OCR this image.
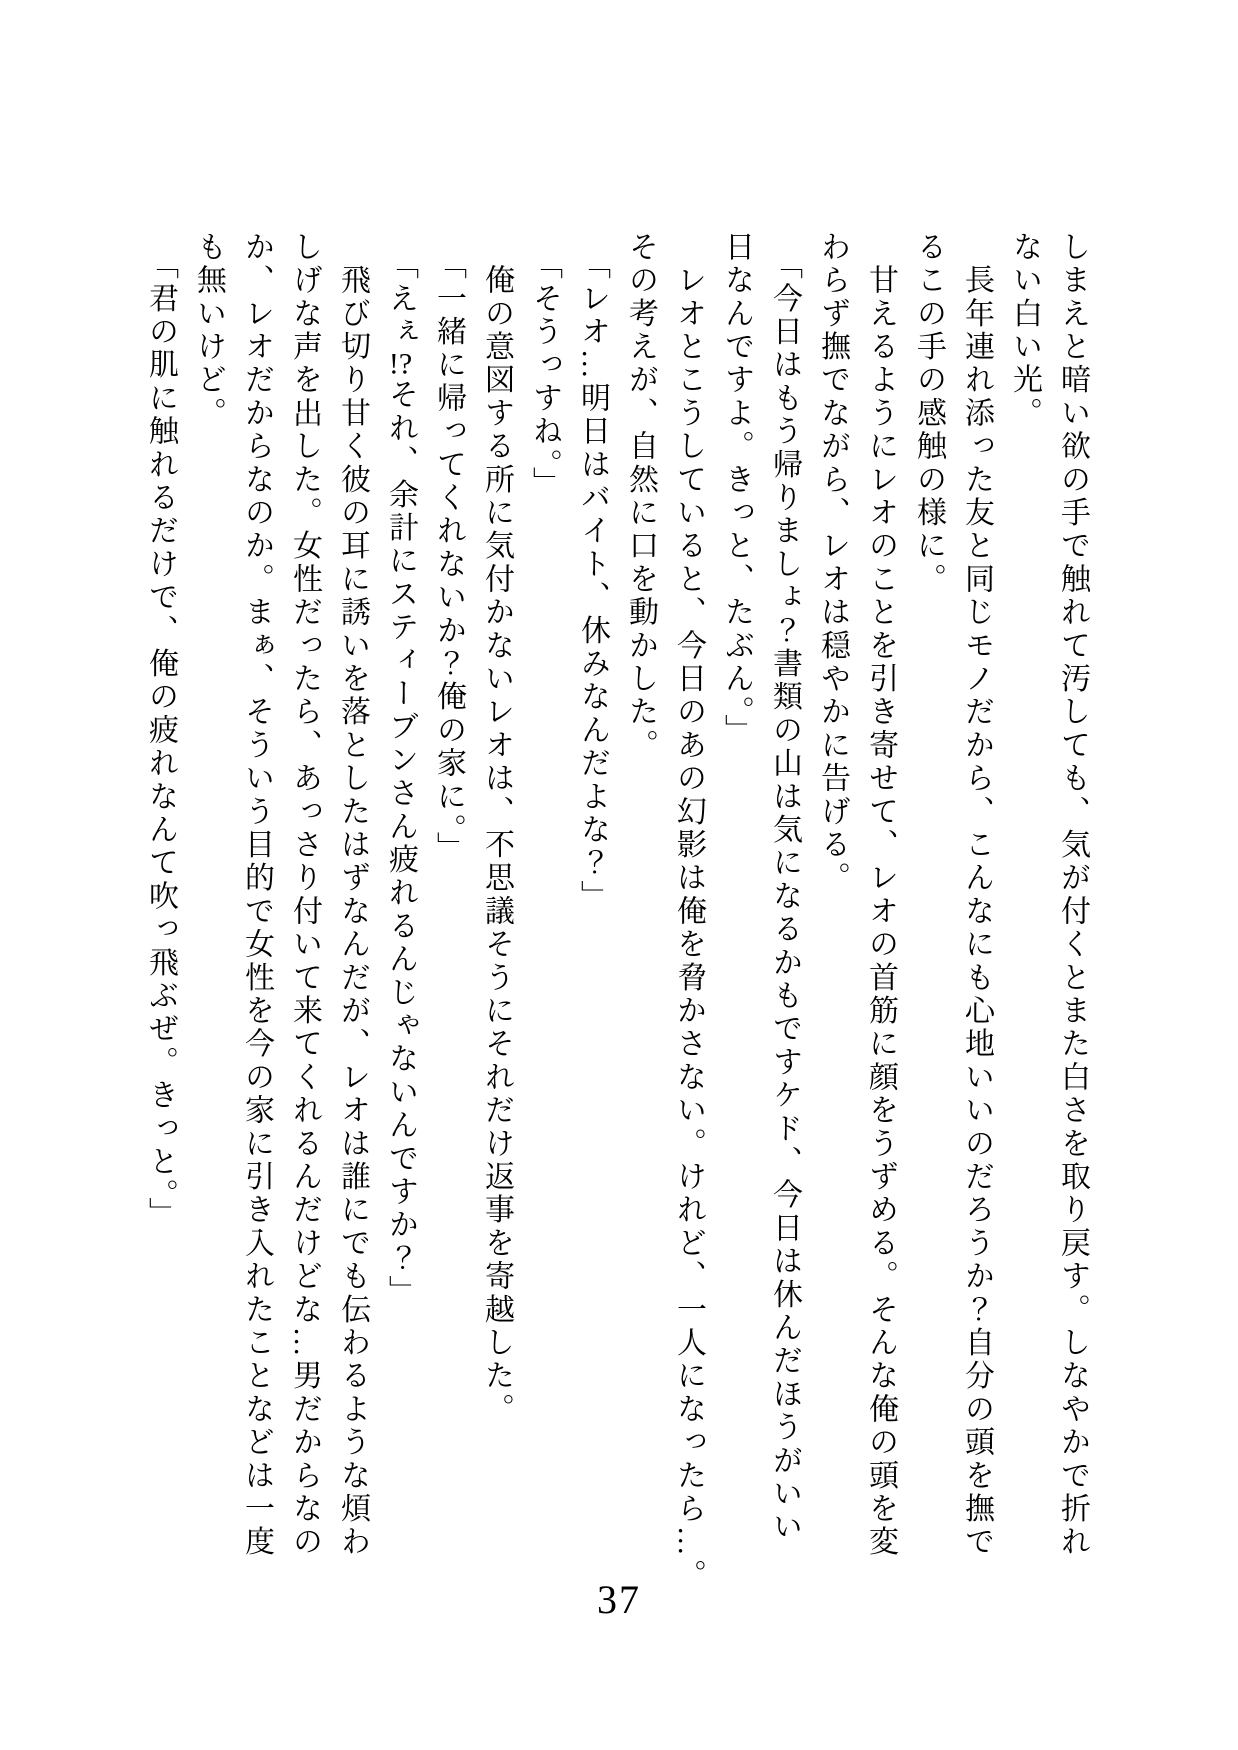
しまえと暗い欲の手で触れて汚しても、気が付くとまた白さを取り戻す。しなやかで折れ

ない白い光。

　長年連れ添った友と同じモノだから、こんなにも心地いいのだろうか？自分の頭を撫で

るこの手の感触の様に。

　甘えるようにレオのことを引き寄せて、レオの首筋に顔をうずめる。そんな俺の頭を変

わらず撫でながら、レオは穏やかに告げる。

　「今日はもう帰りましょ？書類の山は気になるかもですケド、今日は休んだほうがいい

日なんですよ。きっと、たぶん。」

　レオとこうしていると、今日のあの幻影は俺を脅かさない。けれど、一人になったら…。

その考えが、自然に口を動かした。

　「レオ…明日はバイト、休みなんだよな？」

　「そうっすね。」

　俺の意図する所に気付かないレオは、不思議そうにそれだけ返事を寄越した。

　「一緒に帰ってくれないか？俺の家に。」

　「えぇ!?それ、余計にスティーブンさん疲れるんじゃないんですか？」

　飛び切り甘く彼の耳に誘いを落としたはずなんだが、レオは誰にでも伝わるような煩わ

しげな声を出した。女性だったら、あっさり付いて来てくれるんだけどな…男だからなの

か、レオだからなのか。まぁ、そういう目的で女性を今の家に引き入れたことなどは一度

も無いけど。

　「君の肌に触れるだけで、俺の疲れなんて吹っ飛ぶぜ。きっと。」

37
